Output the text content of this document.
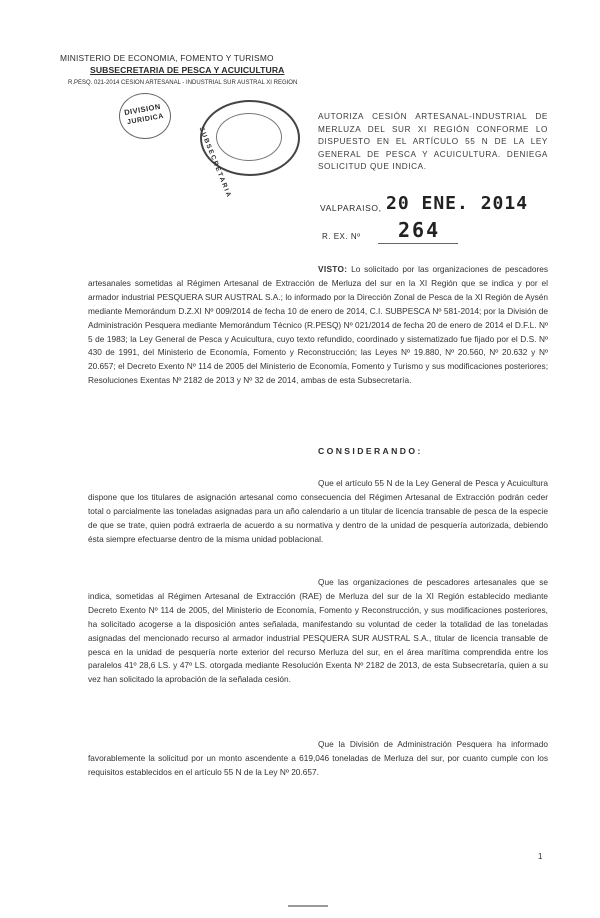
MINISTERIO DE ECONOMIA, FOMENTO Y TURISMO
SUBSECRETARIA DE PESCA Y ACUICULTURA
R.PESQ. 021-2014 CESION ARTESANAL - INDUSTRIAL SUR AUSTRAL XI REGION
DIVISION
JURIDICA
SUBSECRETARIA
AUTORIZA CESIÓN ARTESANAL-INDUSTRIAL DE MERLUZA DEL SUR XI REGIÓN CONFORME LO DISPUESTO EN EL ARTÍCULO 55 N DE LA LEY GENERAL DE PESCA Y ACUICULTURA. DENIEGA SOLICITUD QUE INDICA.
VALPARAISO, 20 ENE. 2014
R. EX. Nº 264
VISTO: Lo solicitado por las organizaciones de pescadores artesanales sometidas al Régimen Artesanal de Extracción de Merluza del sur en la XI Región que se indica y por el armador industrial PESQUERA SUR AUSTRAL S.A.; lo informado por la Dirección Zonal de Pesca de la XI Región de Aysén mediante Memorándum D.Z.XI Nº 009/2014 de fecha 10 de enero de 2014, C.I. SUBPESCA Nº 581-2014; por la División de Administración Pesquera mediante Memorándum Técnico (R.PESQ) Nº 021/2014 de fecha 20 de enero de 2014 el D.F.L. Nº 5 de 1983; la Ley General de Pesca y Acuicultura, cuyo texto refundido, coordinado y sistematizado fue fijado por el D.S. Nº 430 de 1991, del Ministerio de Economía, Fomento y Reconstrucción; las Leyes Nº 19.880, Nº 20.560, Nº 20.632 y Nº 20.657; el Decreto Exento Nº 114 de 2005 del Ministerio de Economía, Fomento y Turismo y sus modificaciones posteriores; Resoluciones Exentas Nº 2182 de 2013 y Nº 32 de 2014, ambas de esta Subsecretaría.
CONSIDERANDO:
Que el artículo 55 N de la Ley General de Pesca y Acuicultura dispone que los titulares de asignación artesanal como consecuencia del Régimen Artesanal de Extracción podrán ceder total o parcialmente las toneladas asignadas para un año calendario a un titular de licencia transable de pesca de la especie de que se trate, quien podrá extraerla de acuerdo a su normativa y dentro de la unidad de pesquería autorizada, debiendo ésta siempre efectuarse dentro de la misma unidad poblacional.
Que las organizaciones de pescadores artesanales que se indica, sometidas al Régimen Artesanal de Extracción (RAE) de Merluza del sur de la XI Región establecido mediante Decreto Exento Nº 114 de 2005, del Ministerio de Economía, Fomento y Reconstrucción, y sus modificaciones posteriores, ha solicitado acogerse a la disposición antes señalada, manifestando su voluntad de ceder la totalidad de las toneladas asignadas del mencionado recurso al armador industrial PESQUERA SUR AUSTRAL S.A., titular de licencia transable de pesca en la unidad de pesquería norte exterior del recurso Merluza del sur, en el área marítima comprendida entre los paralelos 41º 28,6 LS. y 47º LS. otorgada mediante Resolución Exenta Nº 2182 de 2013, de esta Subsecretaría, quien a su vez han solicitado la aprobación de la señalada cesión.
Que la División de Administración Pesquera ha informado favorablemente la solicitud por un monto ascendente a 619,046 toneladas de Merluza del sur, por cuanto cumple con los requisitos establecidos en el artículo 55 N de la Ley Nº 20.657.
1
